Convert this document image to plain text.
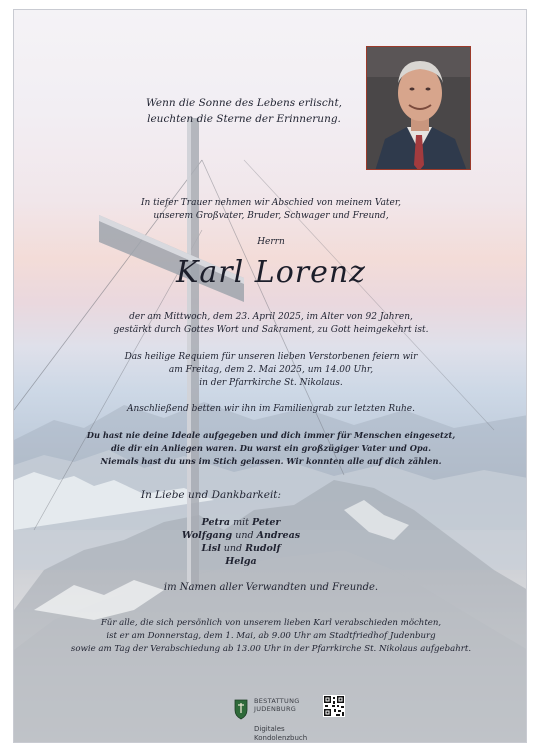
Wenn die Sonne des Lebens erlischt,
leuchten die Sterne der Erinnerung.
In tiefer Trauer nehmen wir Abschied von meinem Vater,
unserem Großvater, Bruder, Schwager und Freund,
Herrn
Karl Lorenz
der am Mittwoch, dem 23. April 2025, im Alter von 92 Jahren,
gestärkt durch Gottes Wort und Sakrament, zu Gott heimgekehrt ist.
Das heilige Requiem für unseren lieben Verstorbenen feiern wir
am Freitag, dem 2. Mai 2025, um 14.00 Uhr,
in der Pfarrkirche St. Nikolaus.
Anschließend betten wir ihn im Familiengrab zur letzten Ruhe.
Du hast nie deine Ideale aufgegeben und dich immer für Menschen eingesetzt,
die dir ein Anliegen waren. Du warst ein großzügiger Vater und Opa.
Niemals hast du uns im Stich gelassen. Wir konnten alle auf dich zählen.
In Liebe und Dankbarkeit:
Petra mit Peter
Wolfgang und Andreas
Lisl und Rudolf
Helga
im Namen aller Verwandten und Freunde.
Für alle, die sich persönlich von unserem lieben Karl verabschieden möchten,
ist er am Donnerstag, dem 1. Mai, ab 9.00 Uhr am Stadtfriedhof Judenburg
sowie am Tag der Verabschiedung ab 13.00 Uhr in der Pfarrkirche St. Nikolaus aufgebahrt.
BESTATTUNG JUDENBURG

Digitales Kondolenzbuch
